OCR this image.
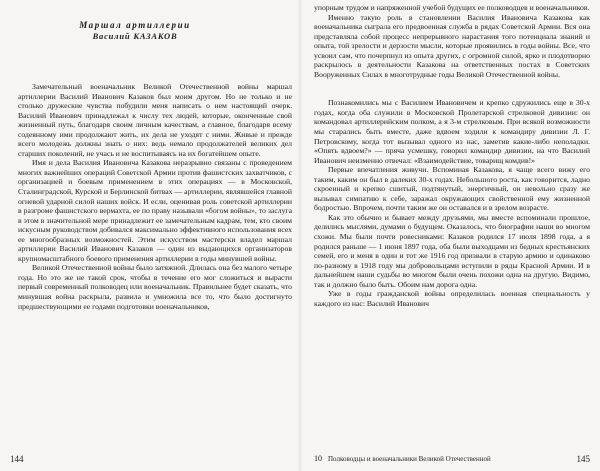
Маршал артиллерии
Василий КАЗАКОВ

Замечательный военачальник Великой Отечественной войны маршал артиллерии Василий Иванович Казаков был моим другом. Но не только и не столько дружеские чувства побудили меня написать о нем настоящий очерк. Василий Иванович принадлежал к числу тех людей, которые, оконченные свой жизненный путь, благодаря своим личным качествам, а главное, благодаря всему содеянному ими продолжают жить, их дела не уходят с ними. Живые и прежде всего молодежь должны знать о них: ведь немало продолжателей великих дел старших поколений, не учась и не воспитываясь на их богатейшем опыте.

Имя и дела Василия Ивановича Казакова неразрывно связаны с проведением многих важнейших операций Советской Армии против фашистских захватчиков, с организацией и боевым применением в этих операциях — в Московской, Сталинградской, Курской и Берлинской битвах — артиллерии, являвшейся главной огневой ударной силой наших войск. И если, оценивая роль советской артиллерии в разгроме фашистского вермахта, ее по праву называли «богом войны», то заслуга в этом в значительной мере принадлежит ее замечательным кадрам, тем, кто своим искусным руководством добивался максимально эффективного использования всех ее многообразных возможностей. Этим искусством мастерски владел маршал артиллерии Василий Иванович Казаков — один из выдающихся организаторов крупномасштабного боевого применения артиллерии в годы минувшей войны.

Великой Отечественной войны было затяжной. Длилась она без малого четыре года. Но это же не такой срок, чтобы в течение его мог сложиться и вырасти первый современный полководец или военачальник. Правильнее будет сказать, что минувшая война раскрыла, развила и умножила все то, что было достигнуто предшествующими ее годами подготовки военачальников,

144

упорным трудом и напряженной учебой будущих ее полководцев и военачальников.

Именно такую роль в становлении Василия Ивановича Казакова как военачальника сыграла его предвоенная служба в рядах Советской Армии. Вся она представляла собой процесс непрерывного нарастания того потенциала знаний и опыта, той зрелости и дерзости мысли, которые проявились в годы войны. Все, что усвоил сам, что почерпнул из опыта других, с огромной силой, ярко и плодотворно раскрылось в деятельности Казакова на ответственных постах в Советских Вооруженных Силах в многотрудные годы Великой Отечественной войны.

Познакомились мы с Василием Ивановичем и крепко сдружились еще в 30-х годах, когда оба служили в Московской Пролетарской стрелковой дивизии: он командовал артиллерийским полком, а я 3-м стрелковым. При всякой возможности мы старались быть вместе, даже вдвоем ходили к командиру дивизии Л. Г. Петровскому, когда тот вызывал одного из нас, заметив какие-либо неполадки. «Опять вдвоем?» — пряча усмешку, говорил командир дивизии, на что Василий Иванович неизменно отвечал: «Взаимодействие, товарищ комдив!»

Первые впечатления живучи. Вспоминая Казакова, я чаще всего вижу его таким, каким он был в далеких 30-х годах. Небольшого роста, как говорится, ладно скроенный и крепко сшитый, подтянутый, энергичный, он невольно сразу же вызывал симпатию к себе, заражал окружающих свойственной ему жизненной бодростью. Впрочем, почти таким же он оставался и в зрелом возрасте.

Как это обычно и бывает между друзьями, мы вместе вспоминали прошлое, делились мыслями, думами о будущем. Оказалось, что биографии наши во многом схожи. Мы были почти ровесниками: Казаков родился 17 июля 1898 года, а я родился раньше — 1 июня 1897 года, оба были выходцами из бедных крестьянских семей, его и меня в один и тот же 1916 год призвали в старую армию и одинаково по-разному в 1918 году мы добровольцами вступили в ряды Красной Армии. И в дальнейшем наши судьбы во многом были очень похожи одна на другую. Видимо, так и должно было быть. Обоим нам дорога одна.

Уже в годы гражданской войны определилась военная специальность у каждого из нас: Василий Иванович

10 Полководцы и военачальники Великой Отечественной	145
